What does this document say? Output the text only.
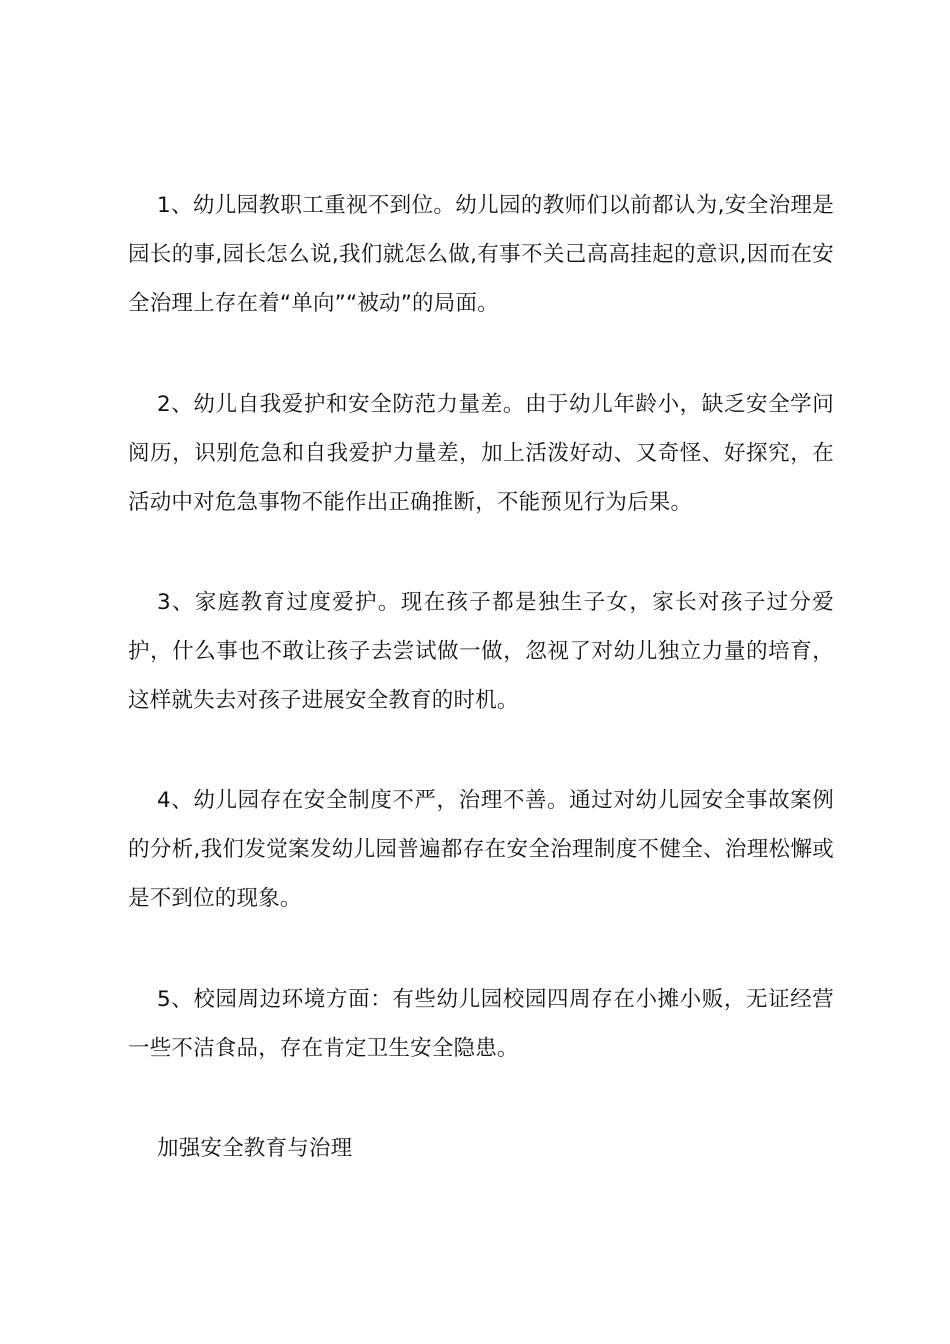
1、幼儿园教职工重视不到位。幼儿园的教师们以前都认为,安全治理是园长的事,园长怎么说,我们就怎么做,有事不关己高高挂起的意识,因而在安全治理上存在着“单向”“被动”的局面。

2、幼儿自我爱护和安全防范力量差。由于幼儿年龄小，缺乏安全学问阅历，识别危急和自我爱护力量差，加上活泼好动、又奇怪、好探究，在活动中对危急事物不能作出正确推断，不能预见行为后果。

3、家庭教育过度爱护。现在孩子都是独生子女，家长对孩子过分爱护，什么事也不敢让孩子去尝试做一做，忽视了对幼儿独立力量的培育，这样就失去对孩子进展安全教育的时机。

4、幼儿园存在安全制度不严，治理不善。通过对幼儿园安全事故案例的分析,我们发觉案发幼儿园普遍都存在安全治理制度不健全、治理松懈或是不到位的现象。

5、校园周边环境方面：有些幼儿园校园四周存在小摊小贩，无证经营一些不洁食品，存在肯定卫生安全隐患。

加强安全教育与治理
